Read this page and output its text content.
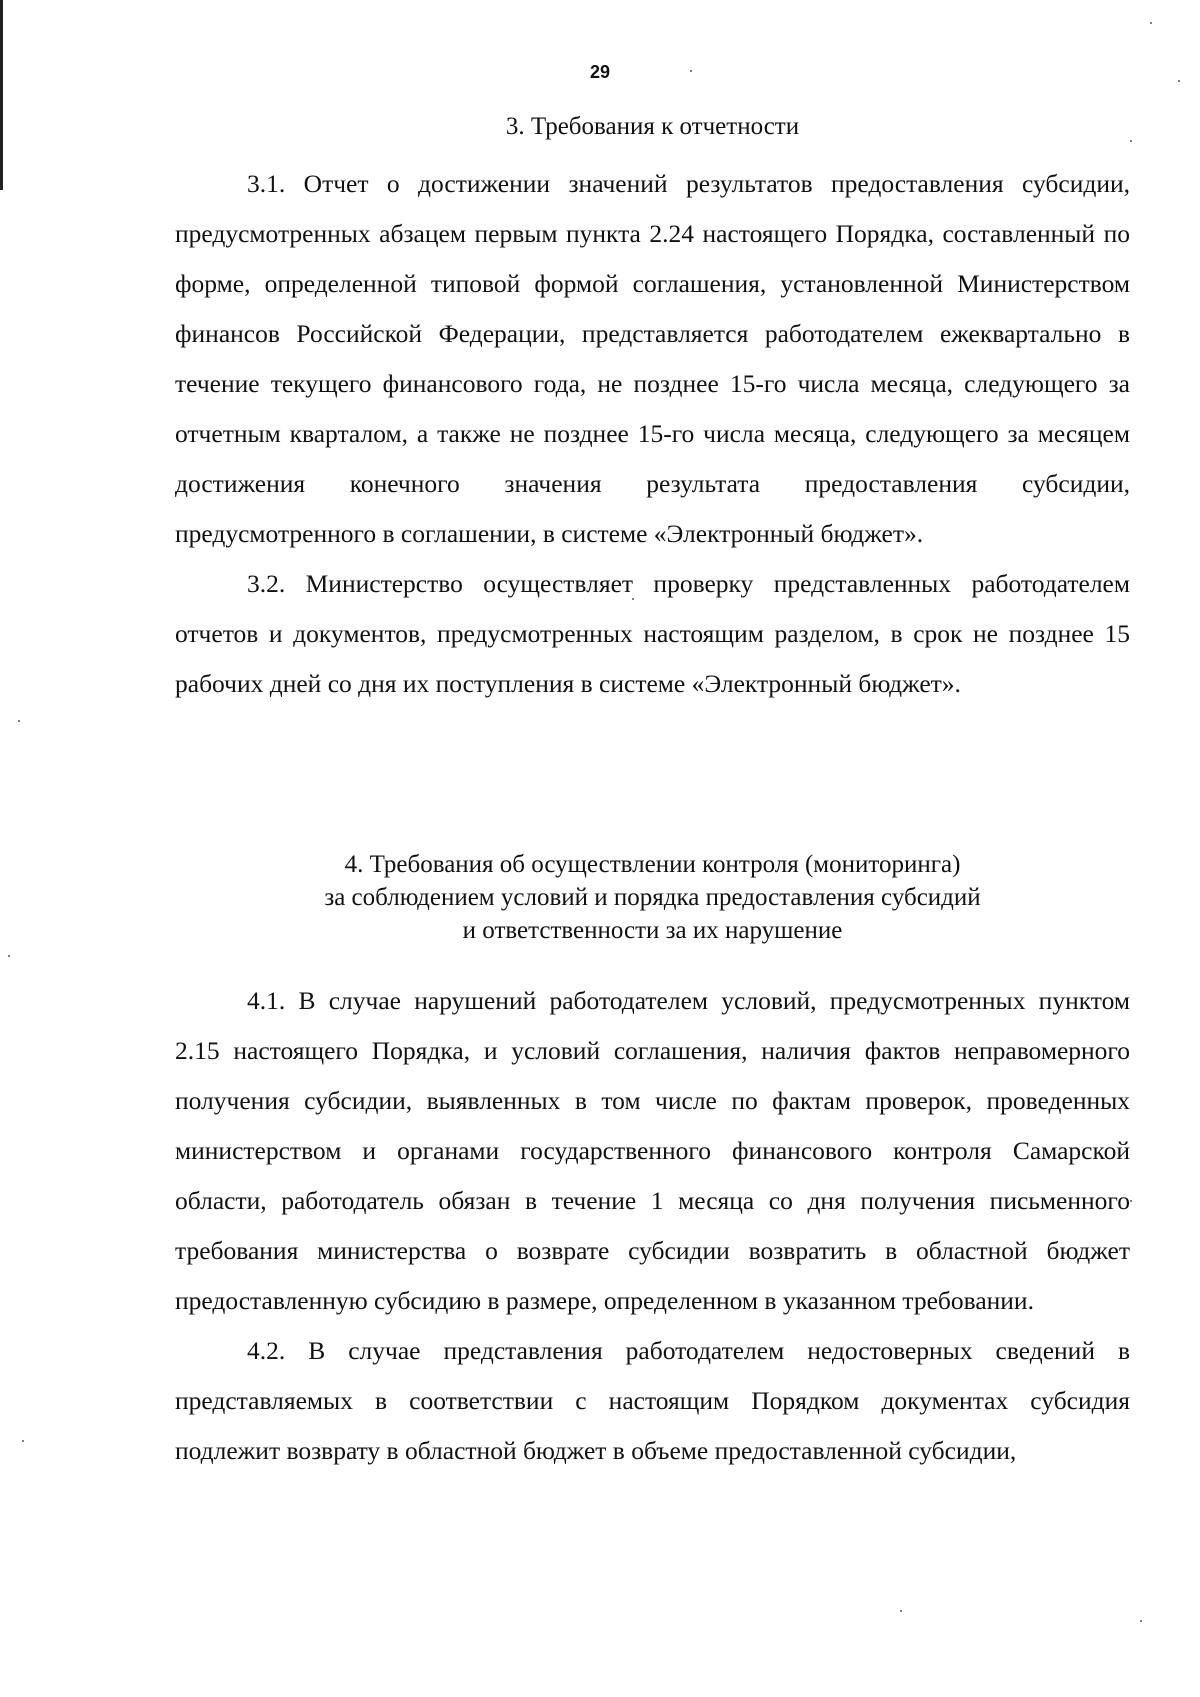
29
3. Требования к отчетности

3.1. Отчет о достижении значений результатов предоставления субсидии, предусмотренных абзацем первым пункта 2.24 настоящего Порядка, составленный по форме, определенной типовой формой соглашения, установленной Министерством финансов Российской Федерации, представляется работодателем ежеквартально в течение текущего финансового года, не позднее 15-го числа месяца, следующего за отчетным кварталом, а также не позднее 15-го числа месяца, следующего за месяцем достижения конечного значения результата предоставления субсидии, предусмотренного в соглашении, в системе «Электронный бюджет».

3.2. Министерство осуществляет проверку представленных работодателем отчетов и документов, предусмотренных настоящим разделом, в срок не позднее 15 рабочих дней со дня их поступления в системе «Электронный бюджет».

4. Требования об осуществлении контроля (мониторинга)
за соблюдением условий и порядка предоставления субсидий
и ответственности за их нарушение

4.1. В случае нарушений работодателем условий, предусмотренных пунктом 2.15 настоящего Порядка, и условий соглашения, наличия фактов неправомерного получения субсидии, выявленных в том числе по фактам проверок, проведенных министерством и органами государственного финансового контроля Самарской области, работодатель обязан в течение 1 месяца со дня получения письменного требования министерства о возврате субсидии возвратить в областной бюджет предоставленную субсидию в размере, определенном в указанном требовании.

4.2. В случае представления работодателем недостоверных сведений в представляемых в соответствии с настоящим Порядком документах субсидия подлежит возврату в областной бюджет в объеме предоставленной субсидии,
